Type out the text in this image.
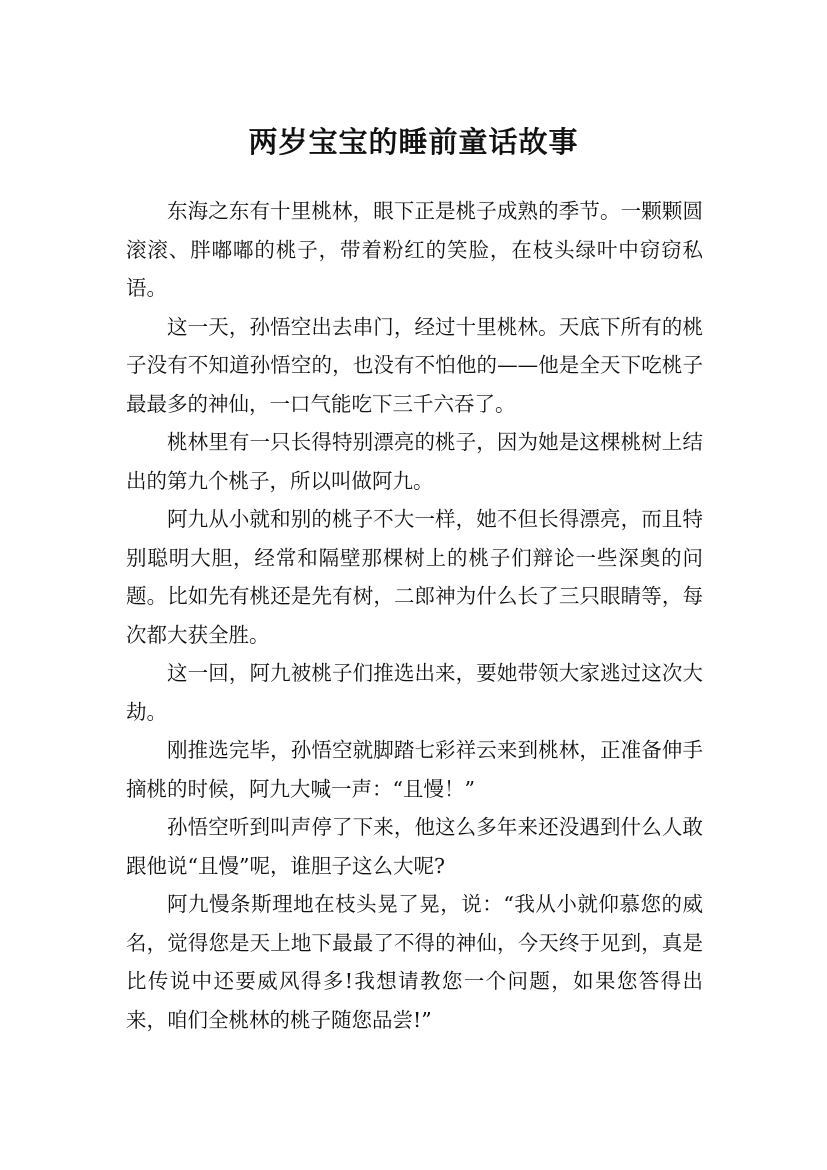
两岁宝宝的睡前童话故事

东海之东有十里桃林，眼下正是桃子成熟的季节。一颗颗圆滚滚、胖嘟嘟的桃子，带着粉红的笑脸，在枝头绿叶中窃窃私语。

这一天，孙悟空出去串门，经过十里桃林。天底下所有的桃子没有不知道孙悟空的，也没有不怕他的——他是全天下吃桃子最最多的神仙，一口气能吃下三千六吞了。

桃林里有一只长得特别漂亮的桃子，因为她是这棵桃树上结出的第九个桃子，所以叫做阿九。

阿九从小就和别的桃子不大一样，她不但长得漂亮，而且特别聪明大胆，经常和隔壁那棵树上的桃子们辩论一些深奥的问题。比如先有桃还是先有树，二郎神为什么长了三只眼睛等，每次都大获全胜。

这一回，阿九被桃子们推选出来，要她带领大家逃过这次大劫。

刚推选完毕，孙悟空就脚踏七彩祥云来到桃林，正准备伸手摘桃的时候，阿九大喊一声：“且慢！”

孙悟空听到叫声停了下来，他这么多年来还没遇到什么人敢跟他说“且慢”呢，谁胆子这么大呢?

阿九慢条斯理地在枝头晃了晃，说：“我从小就仰慕您的威名，觉得您是天上地下最最了不得的神仙，今天终于见到，真是比传说中还要威风得多!我想请教您一个问题，如果您答得出来，咱们全桃林的桃子随您品尝!”
